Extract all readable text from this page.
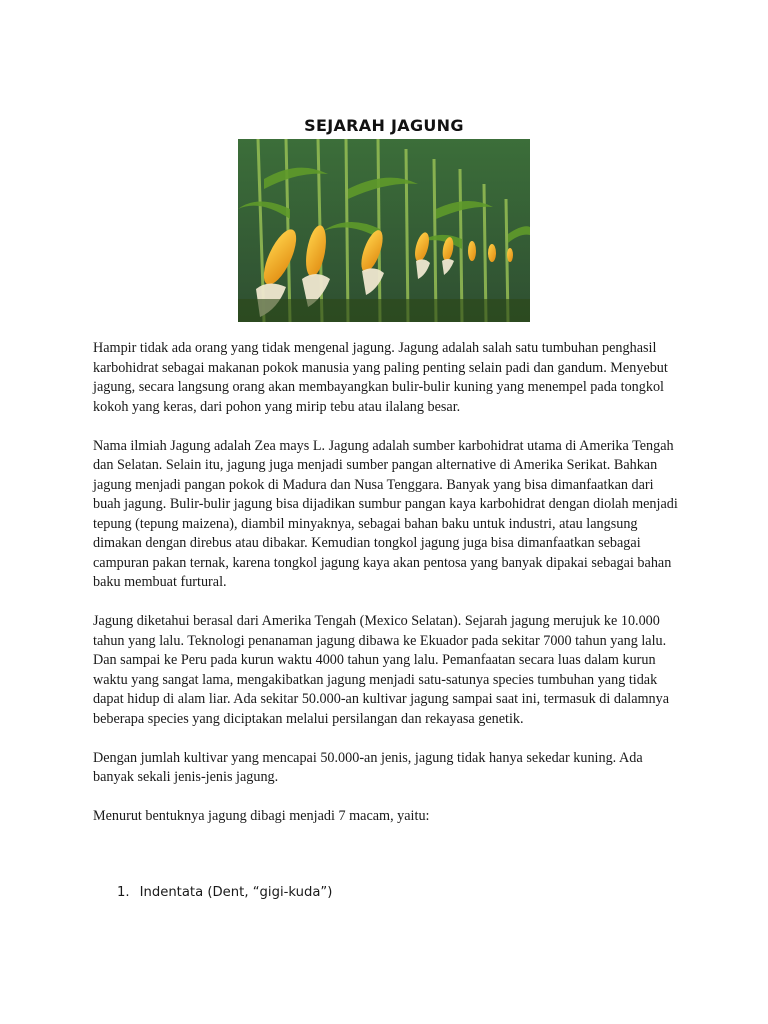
SEJARAH JAGUNG

Hampir tidak ada orang yang tidak mengenal jagung. Jagung adalah salah satu tumbuhan penghasil karbohidrat sebagai makanan pokok manusia yang paling penting selain padi dan gandum. Menyebut jagung, secara langsung orang akan membayangkan bulir-bulir kuning yang menempel pada tongkol kokoh yang keras, dari pohon yang mirip tebu atau ilalang besar.

Nama ilmiah Jagung adalah Zea mays L. Jagung adalah sumber karbohidrat utama di Amerika Tengah dan Selatan. Selain itu, jagung juga menjadi sumber pangan alternative di Amerika Serikat. Bahkan jagung menjadi pangan pokok di Madura dan Nusa Tenggara. Banyak yang bisa dimanfaatkan dari buah jagung. Bulir-bulir jagung bisa dijadikan sumbur pangan kaya karbohidrat dengan diolah menjadi tepung (tepung maizena), diambil minyaknya, sebagai bahan baku untuk industri, atau langsung dimakan dengan direbus atau dibakar. Kemudian tongkol jagung juga bisa dimanfaatkan sebagai campuran pakan ternak, karena tongkol jagung kaya akan pentosa yang banyak dipakai sebagai bahan baku membuat furtural.

Jagung diketahui berasal dari Amerika Tengah (Mexico Selatan). Sejarah jagung merujuk ke 10.000 tahun yang lalu. Teknologi penanaman jagung dibawa ke Ekuador pada sekitar 7000 tahun yang lalu. Dan sampai ke Peru pada kurun waktu 4000 tahun yang lalu. Pemanfaatan secara luas dalam kurun waktu yang sangat lama, mengakibatkan jagung menjadi satu-satunya species tumbuhan yang tidak dapat hidup di alam liar. Ada sekitar 50.000-an kultivar jagung sampai saat ini, termasuk di dalamnya beberapa species yang diciptakan melalui persilangan dan rekayasa genetik.

Dengan jumlah kultivar yang mencapai 50.000-an jenis, jagung tidak hanya sekedar kuning. Ada banyak sekali jenis-jenis jagung.

Menurut bentuknya jagung dibagi menjadi 7 macam, yaitu:

1. Indentata (Dent, “gigi-kuda”)
